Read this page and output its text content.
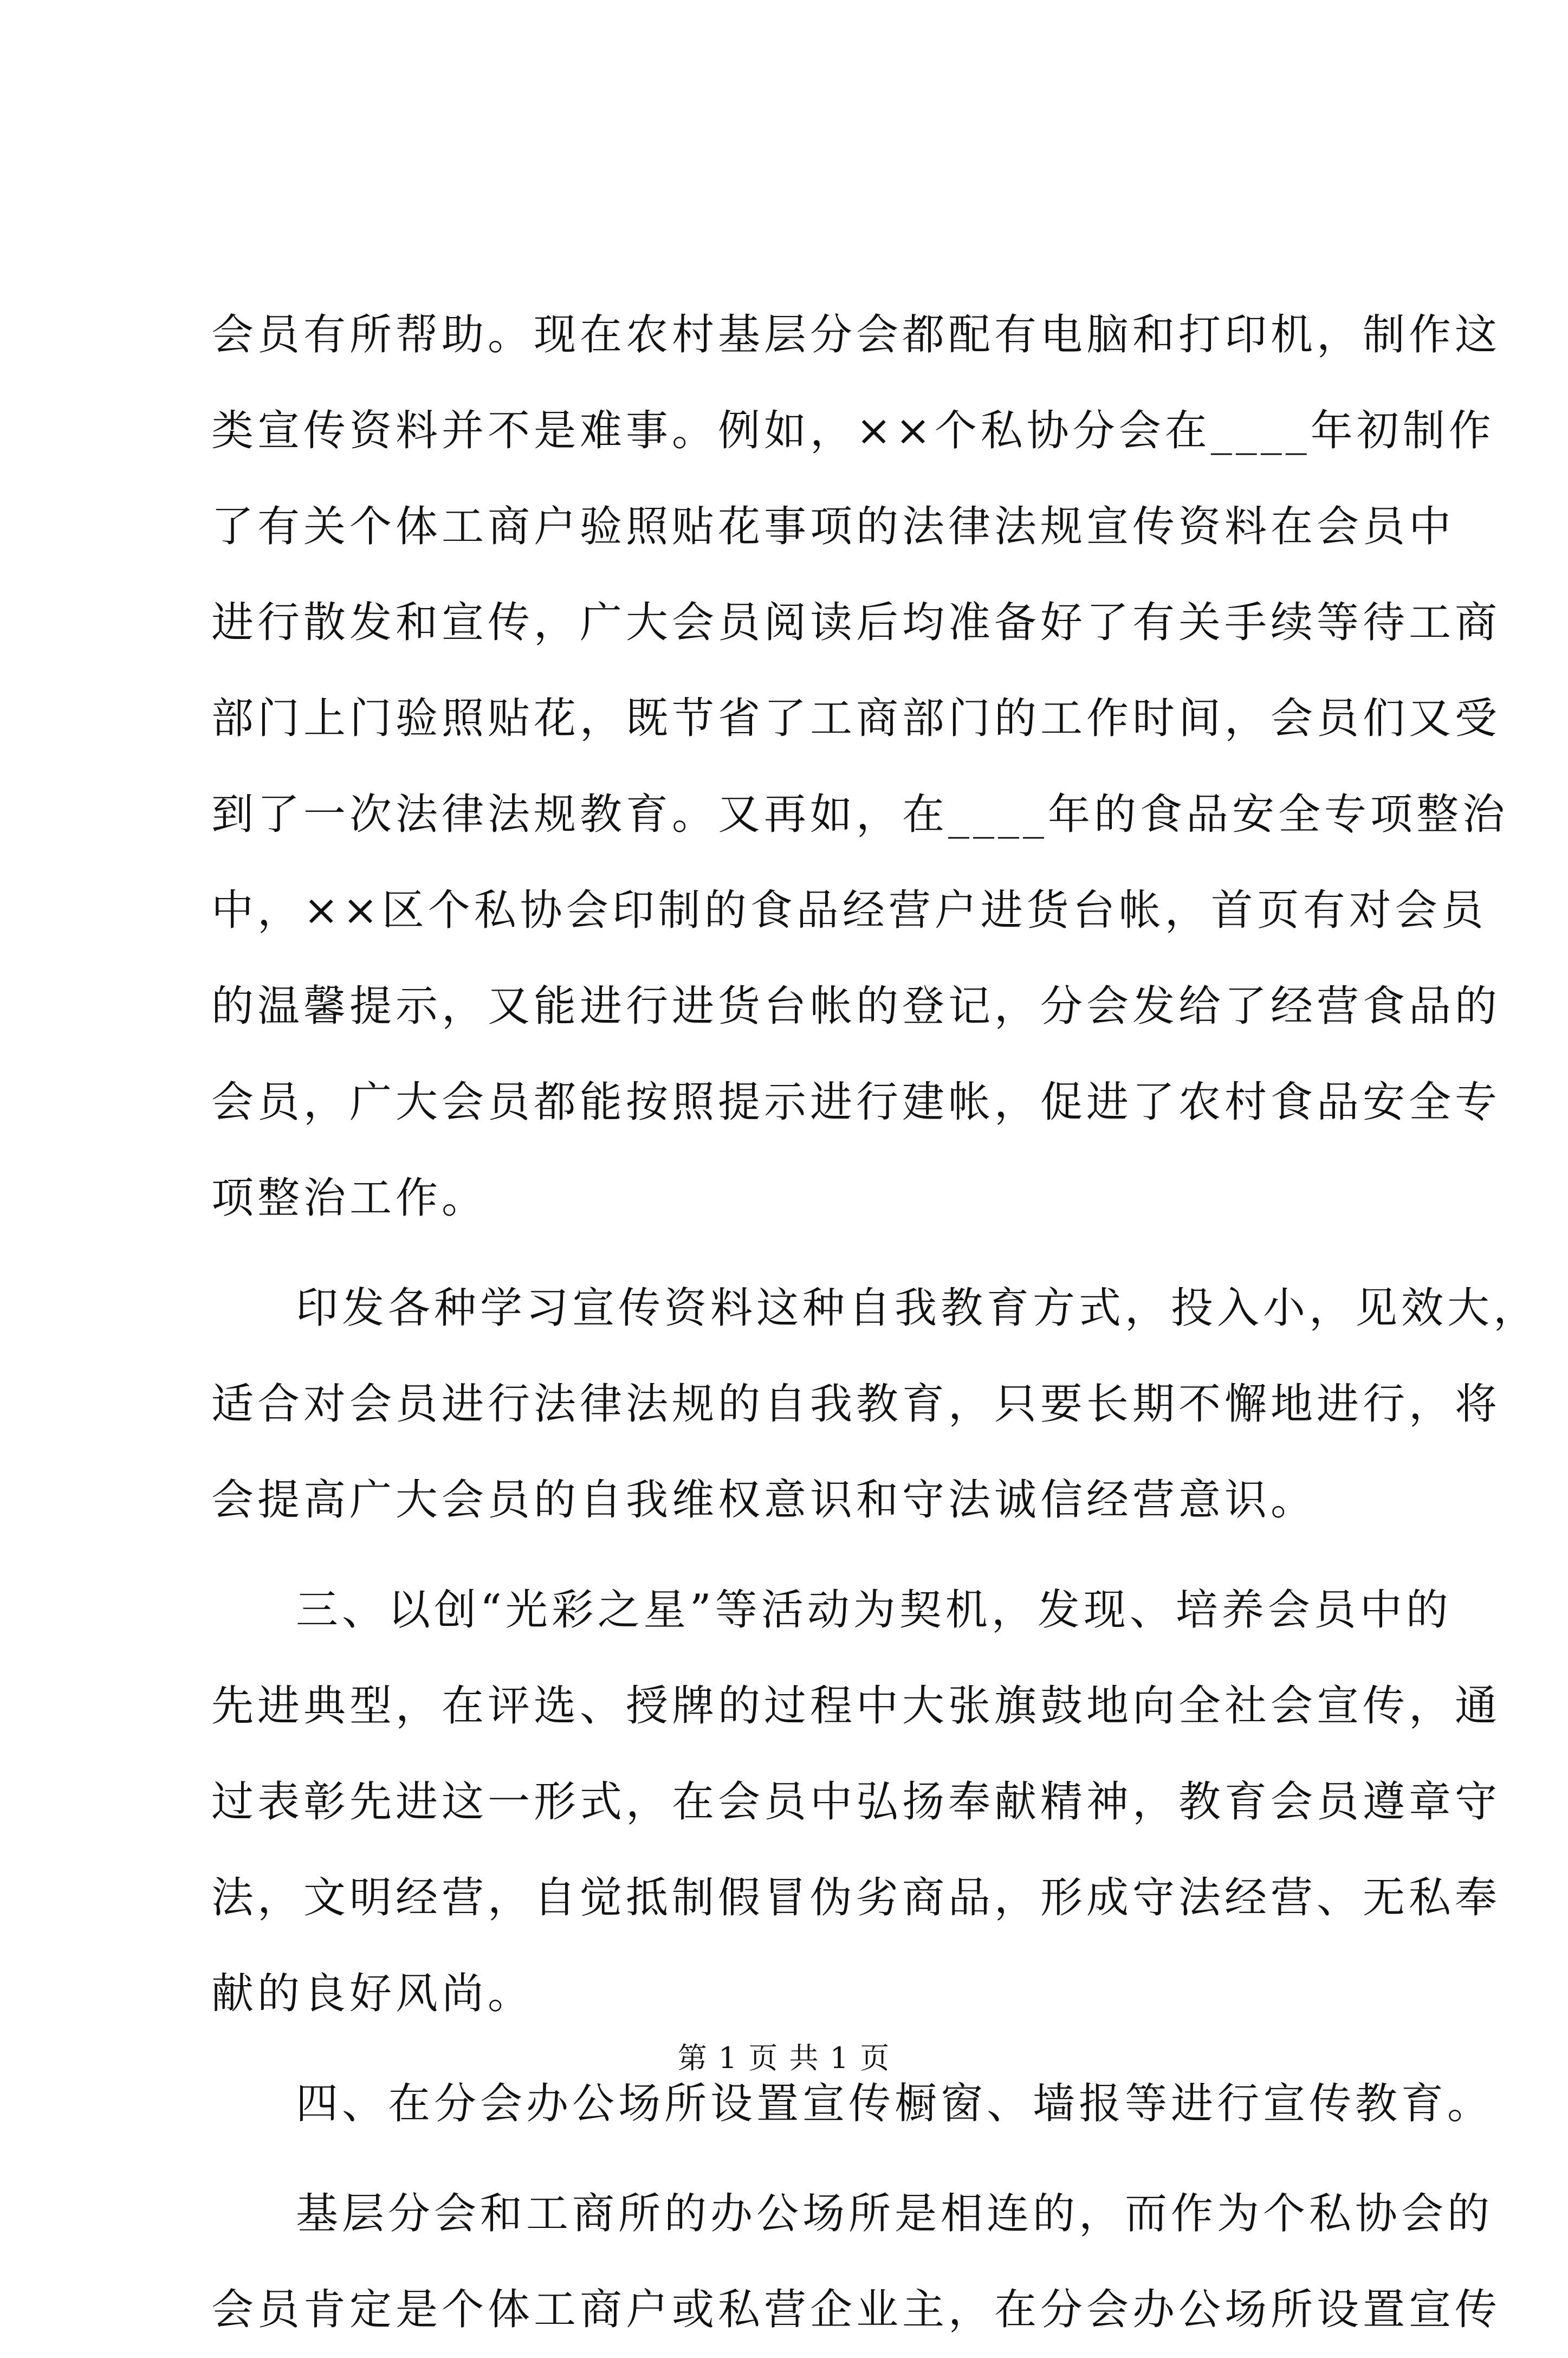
会员有所帮助。现在农村基层分会都配有电脑和打印机，制作这
类宣传资料并不是难事。例如，××个私协分会在____年初制作
了有关个体工商户验照贴花事项的法律法规宣传资料在会员中
进行散发和宣传，广大会员阅读后均准备好了有关手续等待工商
部门上门验照贴花，既节省了工商部门的工作时间，会员们又受
到了一次法律法规教育。又再如，在____年的食品安全专项整治
中，××区个私协会印制的食品经营户进货台帐，首页有对会员
的温馨提示，又能进行进货台帐的登记，分会发给了经营食品的
会员，广大会员都能按照提示进行建帐，促进了农村食品安全专
项整治工作。
印发各种学习宣传资料这种自我教育方式，投入小，见效大，
适合对会员进行法律法规的自我教育，只要长期不懈地进行，将
会提高广大会员的自我维权意识和守法诚信经营意识。
三、以创“光彩之星”等活动为契机，发现、培养会员中的
先进典型，在评选、授牌的过程中大张旗鼓地向全社会宣传，通
过表彰先进这一形式，在会员中弘扬奉献精神，教育会员遵章守
法，文明经营，自觉抵制假冒伪劣商品，形成守法经营、无私奉
献的良好风尚。
四、在分会办公场所设置宣传橱窗、墙报等进行宣传教育。
基层分会和工商所的办公场所是相连的，而作为个私协会的
会员肯定是个体工商户或私营企业主，在分会办公场所设置宣传
第 1 页 共 1 页
